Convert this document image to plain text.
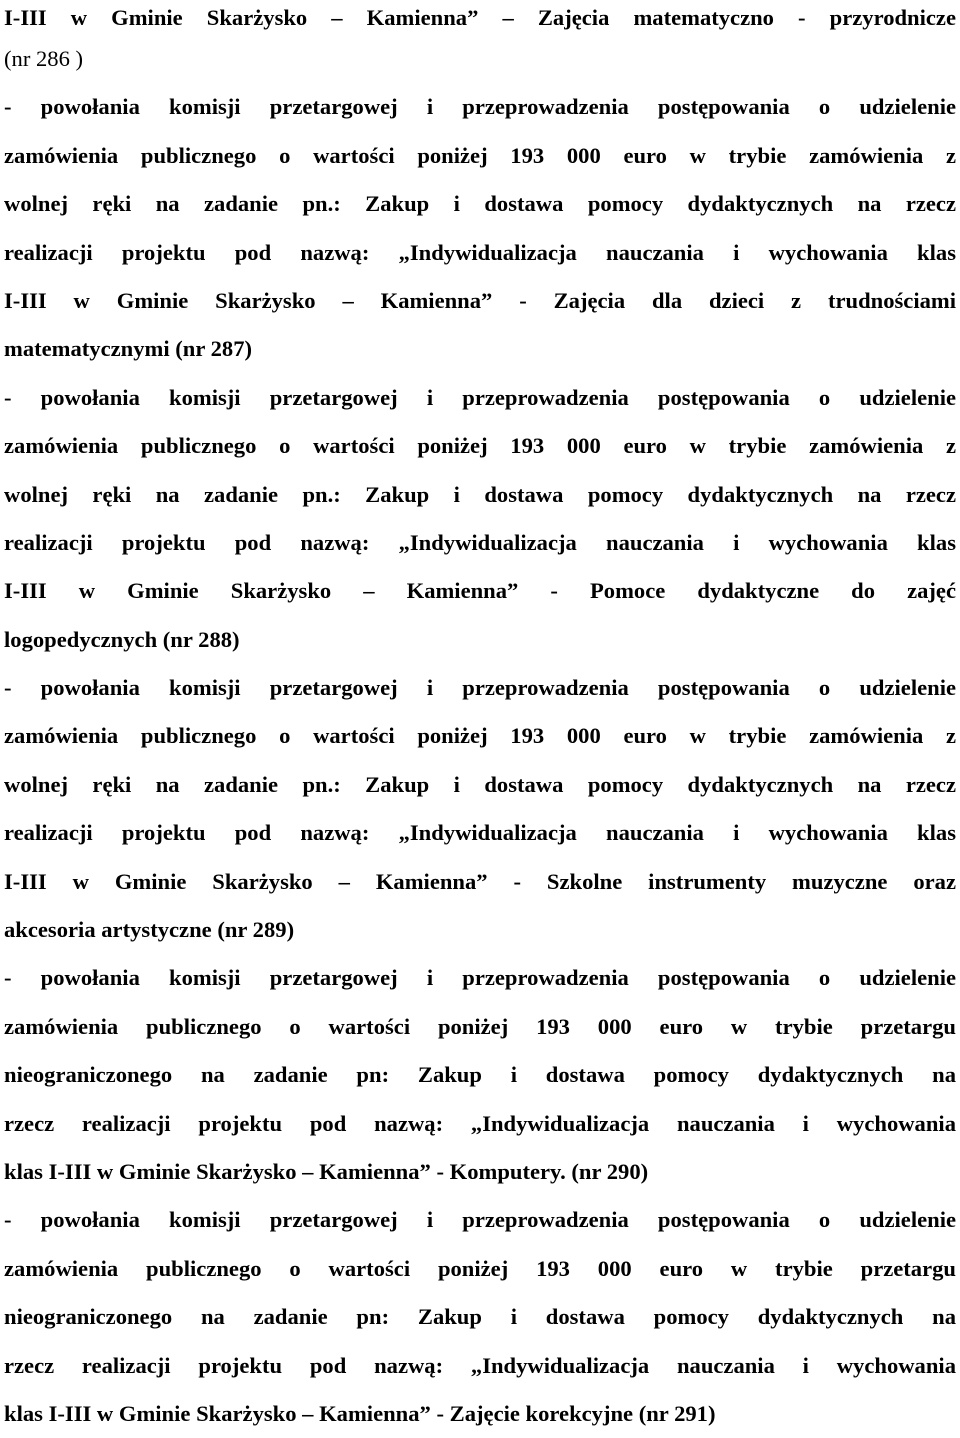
I-III w Gminie Skarżysko – Kamienna” – Zajęcia matematyczno - przyrodnicze
(nr 286 )
- powołania komisji przetargowej i przeprowadzenia postępowania o udzielenie
zamówienia publicznego o wartości poniżej 193 000 euro w trybie zamówienia z
wolnej ręki na zadanie pn.: Zakup i dostawa pomocy dydaktycznych na rzecz
realizacji projektu pod nazwą: „Indywidualizacja nauczania i wychowania klas
I-III w Gminie Skarżysko – Kamienna” - Zajęcia dla dzieci z trudnościami
matematycznymi (nr 287)
- powołania komisji przetargowej i przeprowadzenia postępowania o udzielenie
zamówienia publicznego o wartości poniżej 193 000 euro w trybie zamówienia z
wolnej ręki na zadanie pn.: Zakup i dostawa pomocy dydaktycznych na rzecz
realizacji projektu pod nazwą: „Indywidualizacja nauczania i wychowania klas
I-III w Gminie Skarżysko – Kamienna” - Pomoce dydaktyczne do zajęć
logopedycznych (nr 288)
- powołania komisji przetargowej i przeprowadzenia postępowania o udzielenie
zamówienia publicznego o wartości poniżej 193 000 euro w trybie zamówienia z
wolnej ręki na zadanie pn.: Zakup i dostawa pomocy dydaktycznych na rzecz
realizacji projektu pod nazwą: „Indywidualizacja nauczania i wychowania klas
I-III w Gminie Skarżysko – Kamienna” - Szkolne instrumenty muzyczne oraz
akcesoria artystyczne (nr 289)
- powołania komisji przetargowej i przeprowadzenia postępowania o udzielenie
zamówienia publicznego o wartości poniżej 193 000 euro w trybie przetargu
nieograniczonego na zadanie pn: Zakup i dostawa pomocy dydaktycznych na
rzecz realizacji projektu pod nazwą: „Indywidualizacja nauczania i wychowania
klas I-III w Gminie Skarżysko – Kamienna” - Komputery. (nr 290)
- powołania komisji przetargowej i przeprowadzenia postępowania o udzielenie
zamówienia publicznego o wartości poniżej 193 000 euro w trybie przetargu
nieograniczonego na zadanie pn: Zakup i dostawa pomocy dydaktycznych na
rzecz realizacji projektu pod nazwą: „Indywidualizacja nauczania i wychowania
klas I-III w Gminie Skarżysko – Kamienna” - Zajęcie korekcyjne (nr 291)
